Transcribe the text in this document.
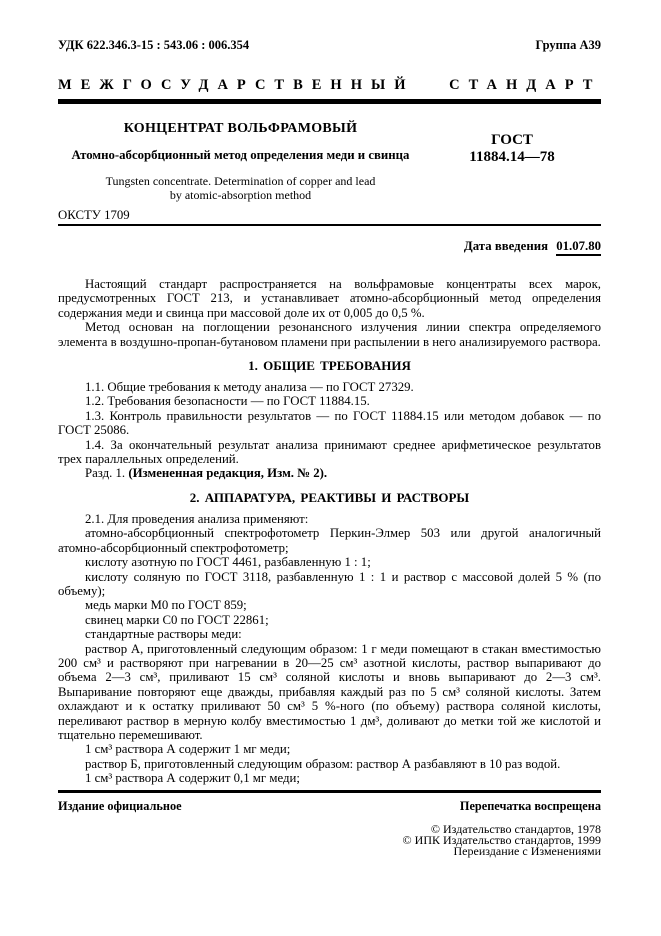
УДК 622.346.3-15 : 543.06 : 006.354	Группа А39
МЕЖГОСУДАРСТВЕННЫЙ СТАНДАРТ
КОНЦЕНТРАТ ВОЛЬФРАМОВЫЙ
Атомно-абсорбционный метод определения меди и свинца
Tungsten concentrate. Determination of copper and lead
by atomic-absorption method
ГОСТ
11884.14—78
ОКСТУ 1709
Дата введения 01.07.80

Настоящий стандарт распространяется на вольфрамовые концентраты всех марок, предусмотренных ГОСТ 213, и устанавливает атомно-абсорбционный метод определения содержания меди и свинца при массовой доле их от 0,005 до 0,5 %.

Метод основан на поглощении резонансного излучения линии спектра определяемого элемента в воздушно-пропан-бутановом пламени при распылении в него анализируемого раствора.

1. ОБЩИЕ ТРЕБОВАНИЯ

1.1. Общие требования к методу анализа — по ГОСТ 27329.

1.2. Требования безопасности — по ГОСТ 11884.15.

1.3. Контроль правильности результатов — по ГОСТ 11884.15 или методом добавок — по ГОСТ 25086.

1.4. За окончательный результат анализа принимают среднее арифметическое результатов трех параллельных определений.

Разд. 1. (Измененная редакция, Изм. № 2).

2. АППАРАТУРА, РЕАКТИВЫ И РАСТВОРЫ

2.1. Для проведения анализа применяют:

атомно-абсорбционный спектрофотометр Перкин-Элмер 503 или другой аналогичный атомно-абсорбционный спектрофотометр;

кислоту азотную по ГОСТ 4461, разбавленную 1 : 1;

кислоту соляную по ГОСТ 3118, разбавленную 1 : 1 и раствор с массовой долей 5 % (по объему);

медь марки М0 по ГОСТ 859;

свинец марки С0 по ГОСТ 22861;

стандартные растворы меди:

раствор А, приготовленный следующим образом: 1 г меди помещают в стакан вместимостью 200 см³ и растворяют при нагревании в 20—25 см³ азотной кислоты, раствор выпаривают до объема 2—3 см³, приливают 15 см³ соляной кислоты и вновь выпаривают до 2—3 см³. Выпаривание повторяют еще дважды, прибавляя каждый раз по 5 см³ соляной кислоты. Затем охлаждают и к остатку приливают 50 см³ 5 %-ного (по объему) раствора соляной кислоты, переливают раствор в мерную колбу вместимостью 1 дм³, доливают до метки той же кислотой и тщательно перемешивают.

1 см³ раствора А содержит 1 мг меди;

раствор Б, приготовленный следующим образом: раствор А разбавляют в 10 раз водой.

1 см³ раствора А содержит 0,1 мг меди;

Издание официальное	Перепечатка воспрещена
© Издательство стандартов, 1978
© ИПК Издательство стандартов, 1999
Переиздание с Изменениями
